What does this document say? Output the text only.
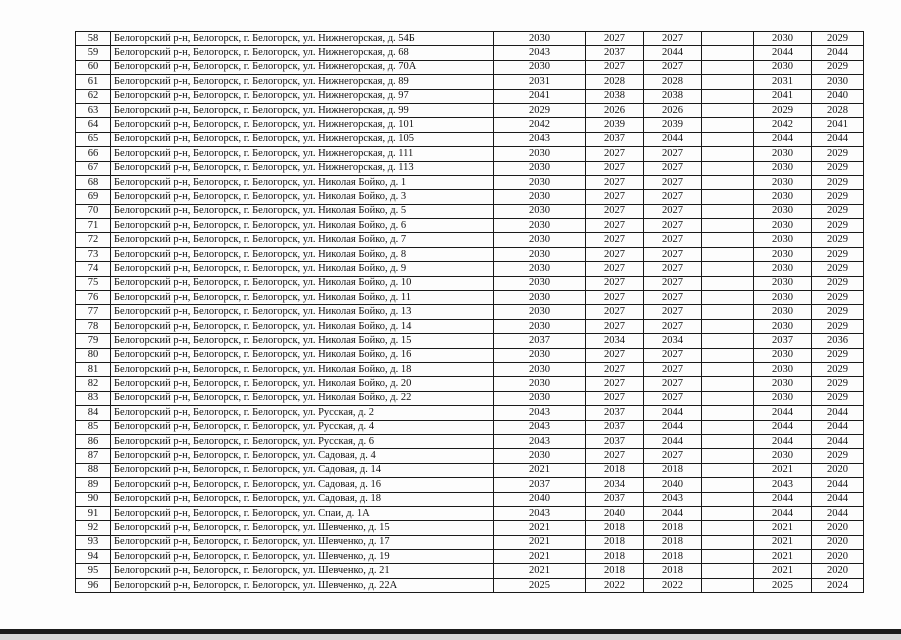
58	Белогорский р-н, Белогорск, г. Белогорск, ул. Нижнегорская, д. 54Б	2030	2027	2027		2030	2029
59	Белогорский р-н, Белогорск, г. Белогорск, ул. Нижнегорская, д. 68	2043	2037	2044		2044	2044
60	Белогорский р-н, Белогорск, г. Белогорск, ул. Нижнегорская, д. 70А	2030	2027	2027		2030	2029
61	Белогорский р-н, Белогорск, г. Белогорск, ул. Нижнегорская, д. 89	2031	2028	2028		2031	2030
62	Белогорский р-н, Белогорск, г. Белогорск, ул. Нижнегорская, д. 97	2041	2038	2038		2041	2040
63	Белогорский р-н, Белогорск, г. Белогорск, ул. Нижнегорская, д. 99	2029	2026	2026		2029	2028
64	Белогорский р-н, Белогорск, г. Белогорск, ул. Нижнегорская, д. 101	2042	2039	2039		2042	2041
65	Белогорский р-н, Белогорск, г. Белогорск, ул. Нижнегорская, д. 105	2043	2037	2044		2044	2044
66	Белогорский р-н, Белогорск, г. Белогорск, ул. Нижнегорская, д. 111	2030	2027	2027		2030	2029
67	Белогорский р-н, Белогорск, г. Белогорск, ул. Нижнегорская, д. 113	2030	2027	2027		2030	2029
68	Белогорский р-н, Белогорск, г. Белогорск, ул. Николая Бойко, д. 1	2030	2027	2027		2030	2029
69	Белогорский р-н, Белогорск, г. Белогорск, ул. Николая Бойко, д. 3	2030	2027	2027		2030	2029
70	Белогорский р-н, Белогорск, г. Белогорск, ул. Николая Бойко, д. 5	2030	2027	2027		2030	2029
71	Белогорский р-н, Белогорск, г. Белогорск, ул. Николая Бойко, д. 6	2030	2027	2027		2030	2029
72	Белогорский р-н, Белогорск, г. Белогорск, ул. Николая Бойко, д. 7	2030	2027	2027		2030	2029
73	Белогорский р-н, Белогорск, г. Белогорск, ул. Николая Бойко, д. 8	2030	2027	2027		2030	2029
74	Белогорский р-н, Белогорск, г. Белогорск, ул. Николая Бойко, д. 9	2030	2027	2027		2030	2029
75	Белогорский р-н, Белогорск, г. Белогорск, ул. Николая Бойко, д. 10	2030	2027	2027		2030	2029
76	Белогорский р-н, Белогорск, г. Белогорск, ул. Николая Бойко, д. 11	2030	2027	2027		2030	2029
77	Белогорский р-н, Белогорск, г. Белогорск, ул. Николая Бойко, д. 13	2030	2027	2027		2030	2029
78	Белогорский р-н, Белогорск, г. Белогорск, ул. Николая Бойко, д. 14	2030	2027	2027		2030	2029
79	Белогорский р-н, Белогорск, г. Белогорск, ул. Николая Бойко, д. 15	2037	2034	2034		2037	2036
80	Белогорский р-н, Белогорск, г. Белогорск, ул. Николая Бойко, д. 16	2030	2027	2027		2030	2029
81	Белогорский р-н, Белогорск, г. Белогорск, ул. Николая Бойко, д. 18	2030	2027	2027		2030	2029
82	Белогорский р-н, Белогорск, г. Белогорск, ул. Николая Бойко, д. 20	2030	2027	2027		2030	2029
83	Белогорский р-н, Белогорск, г. Белогорск, ул. Николая Бойко, д. 22	2030	2027	2027		2030	2029
84	Белогорский р-н, Белогорск, г. Белогорск, ул. Русская, д. 2	2043	2037	2044		2044	2044
85	Белогорский р-н, Белогорск, г. Белогорск, ул. Русская, д. 4	2043	2037	2044		2044	2044
86	Белогорский р-н, Белогорск, г. Белогорск, ул. Русская, д. 6	2043	2037	2044		2044	2044
87	Белогорский р-н, Белогорск, г. Белогорск, ул. Садовая, д. 4	2030	2027	2027		2030	2029
88	Белогорский р-н, Белогорск, г. Белогорск, ул. Садовая, д. 14	2021	2018	2018		2021	2020
89	Белогорский р-н, Белогорск, г. Белогорск, ул. Садовая, д. 16	2037	2034	2040		2043	2044
90	Белогорский р-н, Белогорск, г. Белогорск, ул. Садовая, д. 18	2040	2037	2043		2044	2044
91	Белогорский р-н, Белогорск, г. Белогорск, ул. Спаи, д. 1А	2043	2040	2044		2044	2044
92	Белогорский р-н, Белогорск, г. Белогорск, ул. Шевченко, д. 15	2021	2018	2018		2021	2020
93	Белогорский р-н, Белогорск, г. Белогорск, ул. Шевченко, д. 17	2021	2018	2018		2021	2020
94	Белогорский р-н, Белогорск, г. Белогорск, ул. Шевченко, д. 19	2021	2018	2018		2021	2020
95	Белогорский р-н, Белогорск, г. Белогорск, ул. Шевченко, д. 21	2021	2018	2018		2021	2020
96	Белогорский р-н, Белогорск, г. Белогорск, ул. Шевченко, д. 22А	2025	2022	2022		2025	2024
